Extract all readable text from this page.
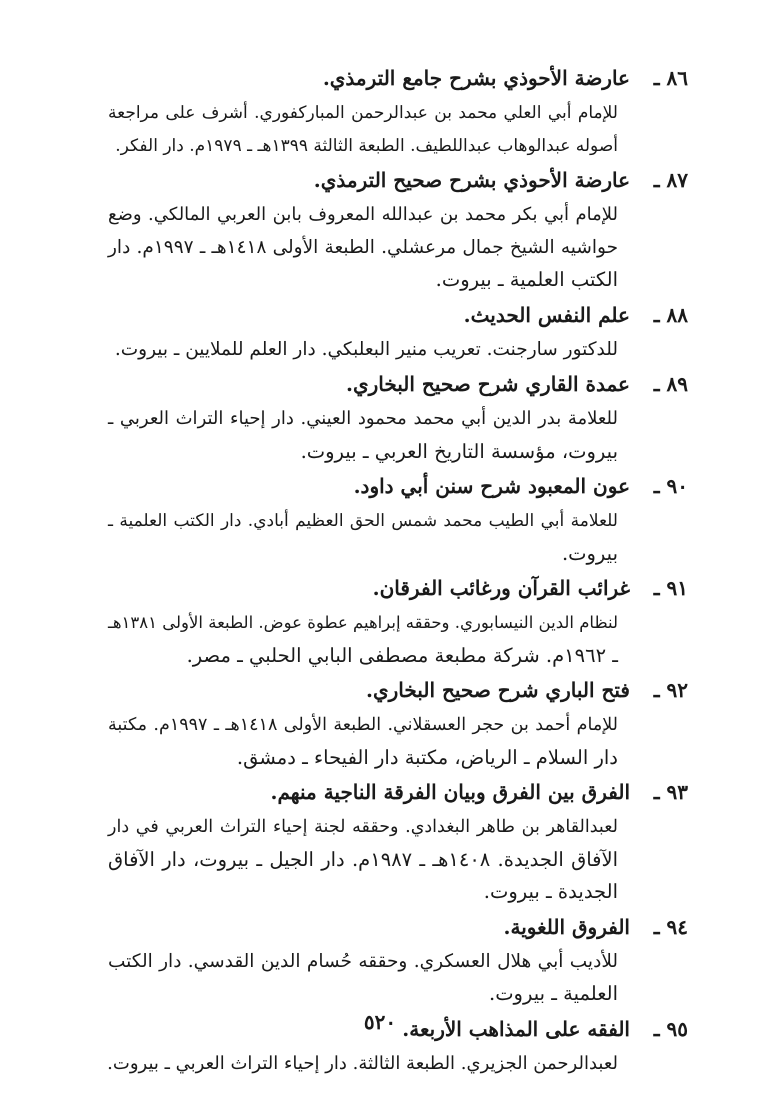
٨٦ ـ
عارضة الأحوذي بشرح جامع الترمذي.
للإمام أبي العلي محمد بن عبدالرحمن المباركفوري. أشرف على مراجعة
أصوله عبدالوهاب عبداللطيف. الطبعة الثالثة ١٣٩٩هـ ـ ١٩٧٩م. دار الفكر.
٨٧ ـ
عارضة الأحوذي بشرح صحيح الترمذي.
للإمام أبي بكر محمد بن عبدالله المعروف بابن العربي المالكي. وضع
حواشيه الشيخ جمال مرعشلي. الطبعة الأولى ١٤١٨هـ ـ ١٩٩٧م. دار
الكتب العلمية ـ بيروت.
٨٨ ـ
علم النفس الحديث.
للدكتور سارجنت. تعريب منير البعلبكي. دار العلم للملايين ـ بيروت.
٨٩ ـ
عمدة القاري شرح صحيح البخاري.
للعلامة بدر الدين أبي محمد محمود العيني. دار إحياء التراث العربي ـ
بيروت، مؤسسة التاريخ العربي ـ بيروت.
٩٠ ـ
عون المعبود شرح سنن أبي داود.
للعلامة أبي الطيب محمد شمس الحق العظيم أبادي. دار الكتب العلمية ـ
بيروت.
٩١ ـ
غرائب القرآن ورغائب الفرقان.
لنظام الدين النيسابوري. وحققه إبراهيم عطوة عوض. الطبعة الأولى ١٣٨١هـ
ـ ١٩٦٢م. شركة مطبعة مصطفى البابي الحلبي ـ مصر.
٩٢ ـ
فتح الباري شرح صحيح البخاري.
للإمام أحمد بن حجر العسقلاني. الطبعة الأولى ١٤١٨هـ ـ ١٩٩٧م. مكتبة
دار السلام ـ الرياض، مكتبة دار الفيحاء ـ دمشق.
٩٣ ـ
الفرق بين الفرق وبيان الفرقة الناجية منهم.
لعبدالقاهر بن طاهر البغدادي. وحققه لجنة إحياء التراث العربي في دار
الآفاق الجديدة. ١٤٠٨هـ ـ ١٩٨٧م. دار الجيل ـ بيروت، دار الآفاق
الجديدة ـ بيروت.
٩٤ ـ
الفروق اللغوية.
للأديب أبي هلال العسكري. وحققه حُسام الدين القدسي. دار الكتب
العلمية ـ بيروت.
٩٥ ـ
الفقه على المذاهب الأربعة.
لعبدالرحمن الجزيري. الطبعة الثالثة. دار إحياء التراث العربي ـ بيروت.
٥٢٠
